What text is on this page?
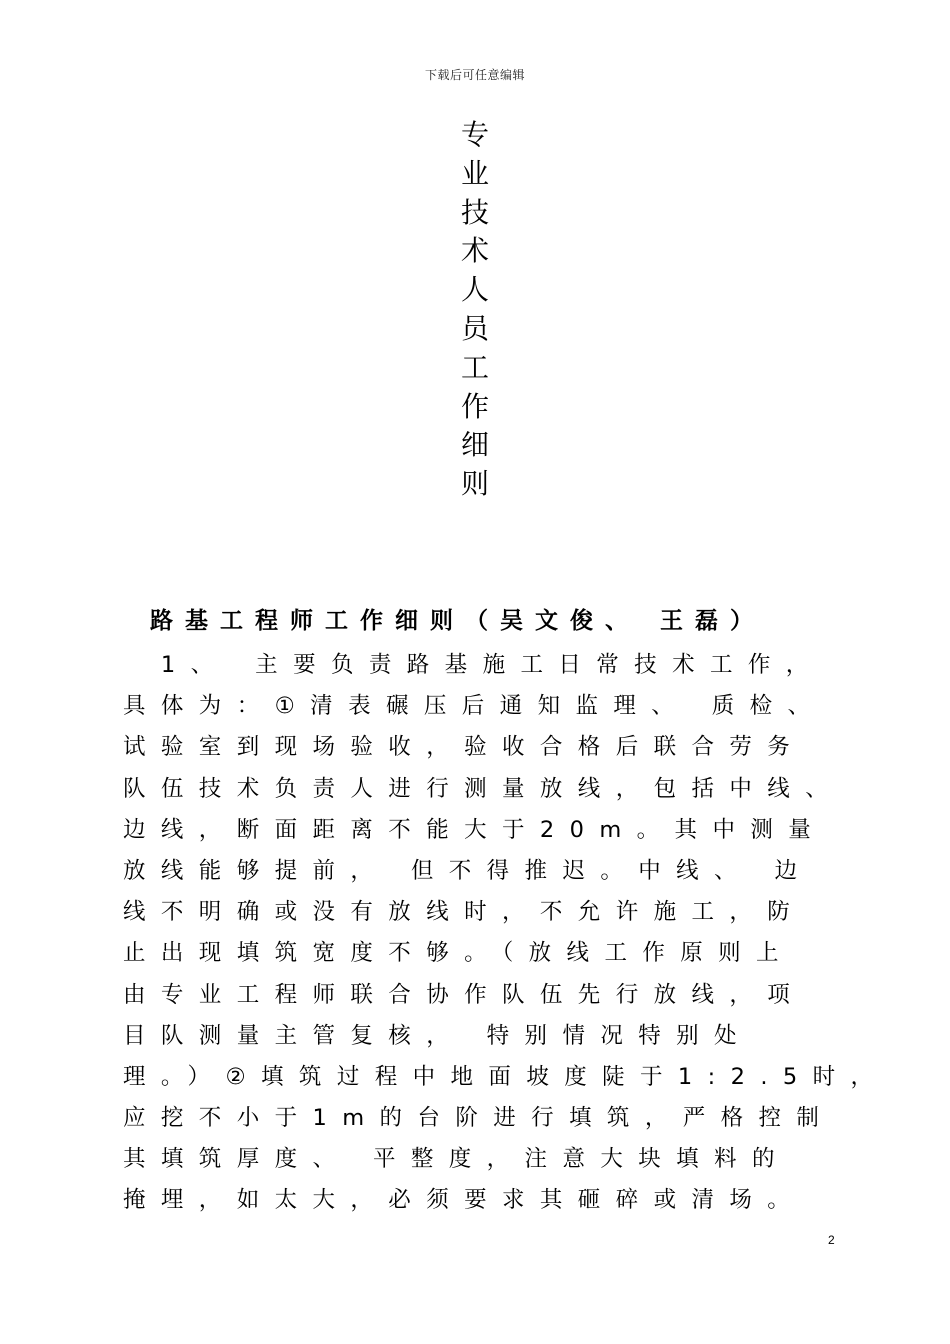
下载后可任意编辑
专
业
技
术
人
员
工
作
细
则
路基工程师工作细则（吴文俊、 王磊）
　1、　主要负责路基施工日常技术工作，
具体为：①清表碾压后通知监理、 质检、
试验室到现场验收，验收合格后联合劳务
队伍技术负责人进行测量放线，包括中线、
边线，断面距离不能大于20m。其中测量
放线能够提前， 但不得推迟。中线、 边
线不明确或没有放线时，不允许施工，防
止出现填筑宽度不够。（放线工作原则上
由专业工程师联合协作队伍先行放线，项
目队测量主管复核， 特别情况特别处
理。）②填筑过程中地面坡度陡于1:2.5时，
应挖不小于1m的台阶进行填筑，严格控制
其填筑厚度、 平整度，注意大块填料的
掩埋，如太大，必须要求其砸碎或清场。
2
